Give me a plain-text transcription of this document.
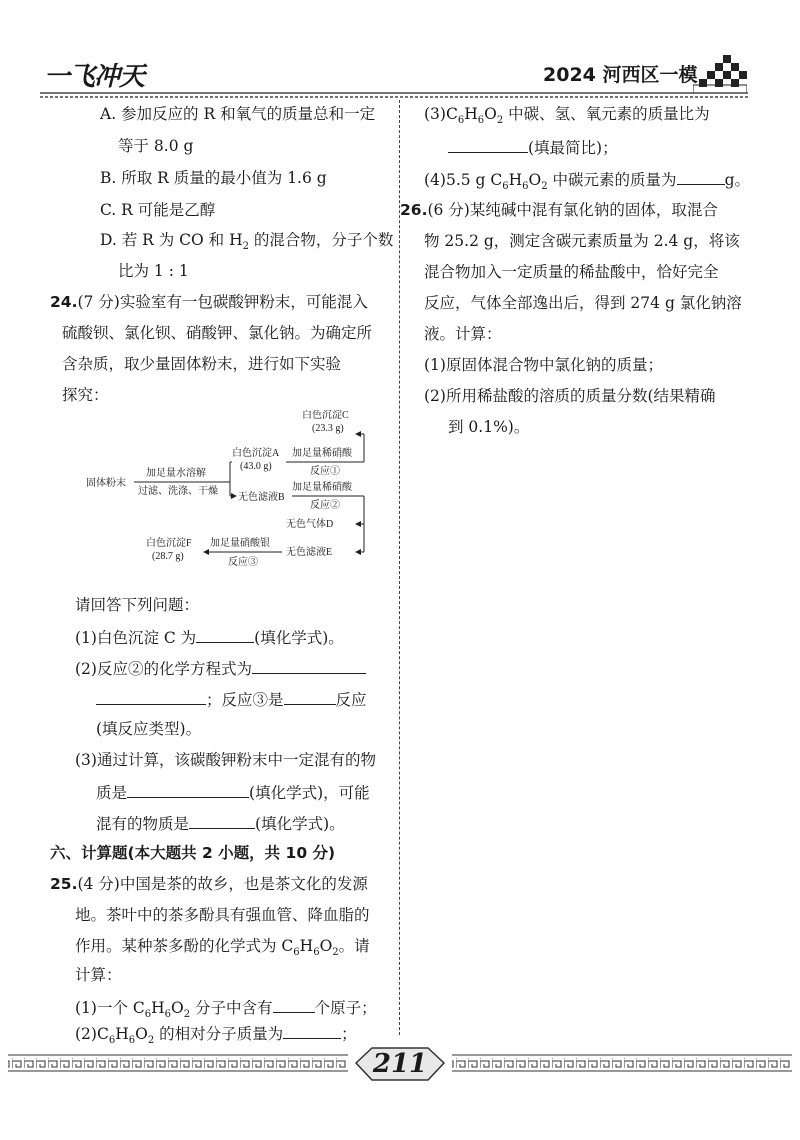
一飞冲天	2024 河西区一模
A. 参加反应的 R 和氧气的质量总和一定
等于 8.0 g
B. 所取 R 质量的最小值为 1.6 g
C. R 可能是乙醇
D. 若 R 为 CO 和 $H_2$ 的混合物，分子个数
比为 1 : 1
24.(7 分)实验室有一包碳酸钾粉末，可能混入
硫酸钡、氯化钡、硝酸钾、氯化钠。为确定所
含杂质，取少量固体粉末，进行如下实验
探究：
固体粉末
加足量水溶解
过滤、洗涤、干燥
白色沉淀A
(43.0 g)
白色沉淀C
(23.3 g)
加足量稀硝酸
反应①
无色滤液B
加足量稀硝酸
反应②
无色气体D
无色滤液E
加足量硝酸银
反应③
白色沉淀F
(28.7 g)
请回答下列问题：
(1)白色沉淀 C 为	(填化学式)。
(2)反应②的化学方程式为
；反应③是	反应
(填反应类型)。
(3)通过计算，该碳酸钾粉末中一定混有的物
质是	(填化学式)，可能
混有的物质是	(填化学式)。
六、计算题(本大题共 2 小题，共 10 分)
25.(4 分)中国是茶的故乡，也是茶文化的发源
地。茶叶中的茶多酚具有强血管、降血脂的
作用。某种茶多酚的化学式为 $C_6H_6O_2$。请
计算：
(1)一个 $C_6H_6O_2$ 分子中含有	个原子；
$(2)C_6H_6O_2$ 的相对分子质量为	；
$(3)C_6H_6O_2$ 中碳、氢、氧元素的质量比为
(填最简比)；
(4)5.5 g $C_6H_6O_2$ 中碳元素的质量为	g。
26.(6 分)某纯碱中混有氯化钠的固体，取混合
物 25.2 g，测定含碳元素质量为 2.4 g，将该
混合物加入一定质量的稀盐酸中，恰好完全
反应，气体全部逸出后，得到 274 g 氯化钠溶
液。计算：
(1)原固体混合物中氯化钠的质量；
(2)所用稀盐酸的溶质的质量分数(结果精确
到 0.1%)。
211
